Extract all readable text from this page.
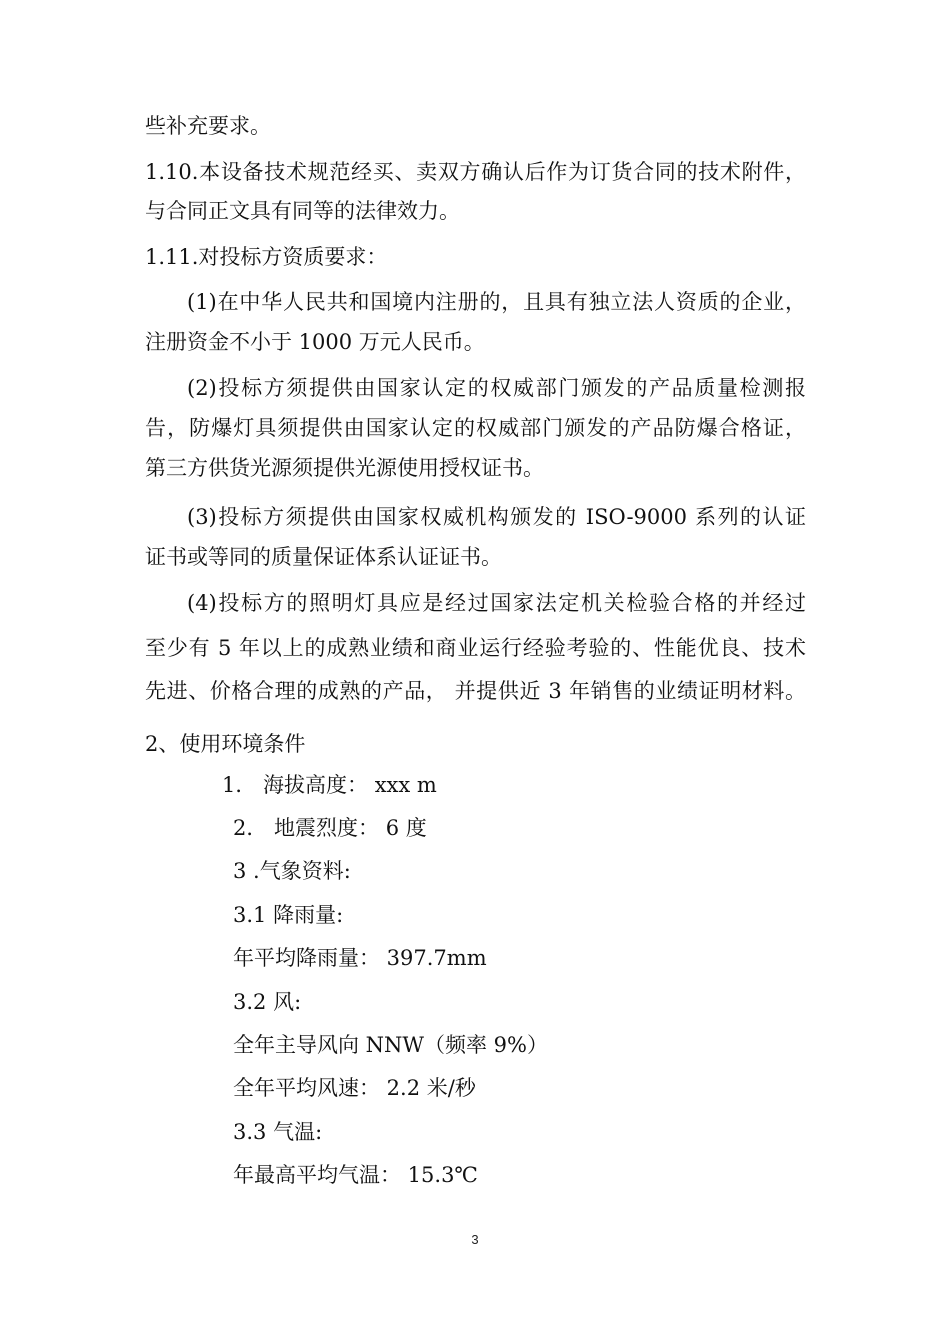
些补充要求。
1.10.本设备技术规范经买、卖双方确认后作为订货合同的技术附件，
与合同正文具有同等的法律效力。
1.11.对投标方资质要求：
(1)在中华人民共和国境内注册的，且具有独立法人资质的企业，
注册资金不小于 1000 万元人民币。
(2)投标方须提供由国家认定的权威部门颁发的产品质量检测报
告，防爆灯具须提供由国家认定的权威部门颁发的产品防爆合格证，
第三方供货光源须提供光源使用授权证书。
(3)投标方须提供由国家权威机构颁发的 ISO-9000 系列的认证
证书或等同的质量保证体系认证证书。
(4)投标方的照明灯具应是经过国家法定机关检验合格的并经过
至少有 5 年以上的成熟业绩和商业运行经验考验的、性能优良、技术
先进、价格合理的成熟的产品， 并提供近 3 年销售的业绩证明材料。
2、使用环境条件
1． 海拔高度： xxx m
2． 地震烈度： 6 度
3 .气象资料:
3.1 降雨量:
年平均降雨量： 397.7mm
3.2 风:
全年主导风向 NNW（频率 9%）
全年平均风速： 2.2 米/秒
3.3 气温:
年最高平均气温： 15.3℃
3
